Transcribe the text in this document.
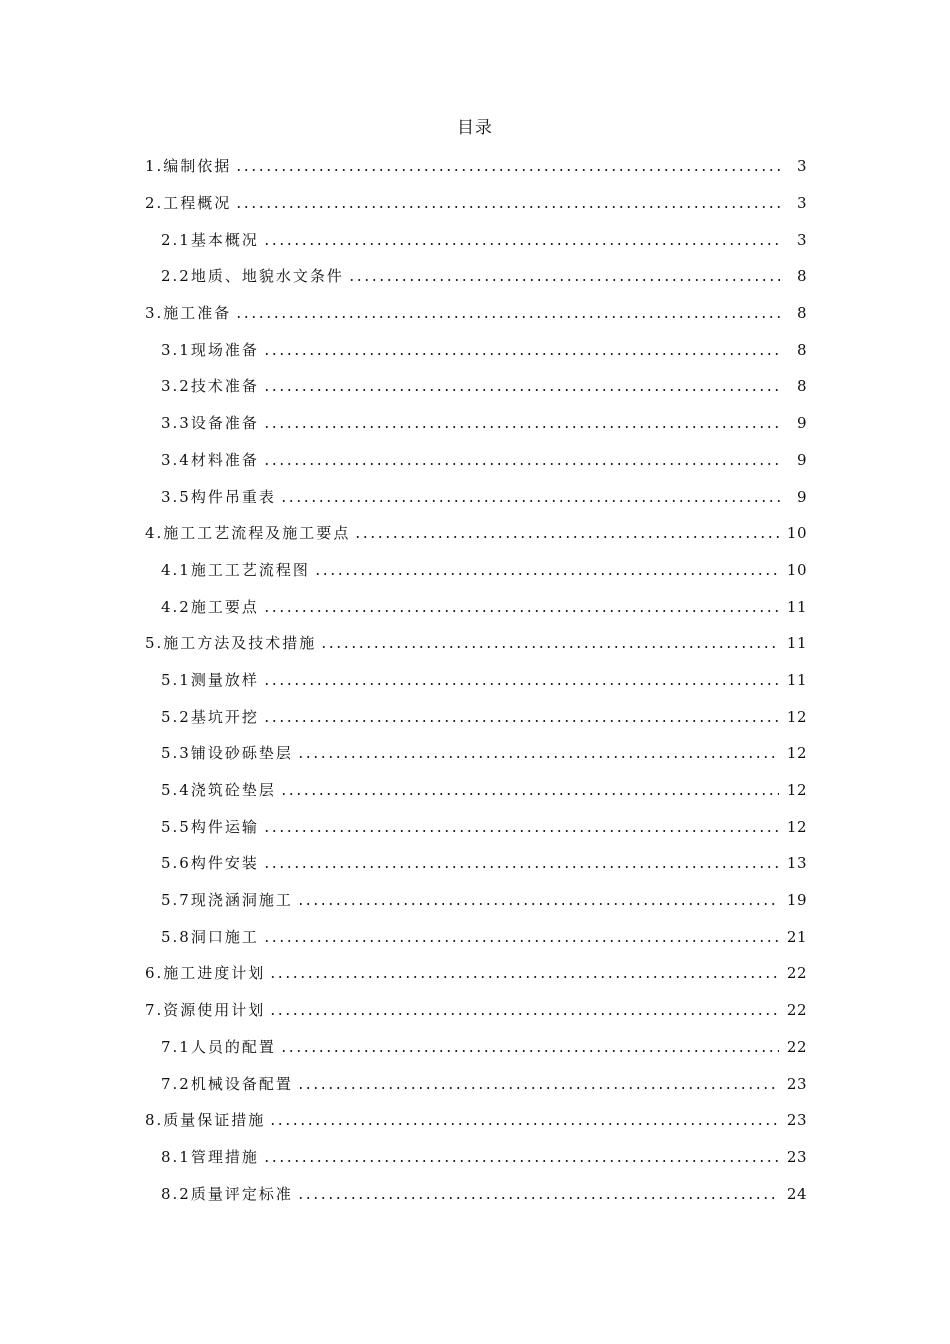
目录
1.编制依据	3
2.工程概况	3
2.1基本概况	3
2.2地质、地貌水文条件	8
3.施工准备	8
3.1现场准备	8
3.2技术准备	8
3.3设备准备	9
3.4材料准备	9
3.5构件吊重表	9
4.施工工艺流程及施工要点	10
4.1施工工艺流程图	10
4.2施工要点	11
5.施工方法及技术措施	11
5.1测量放样	11
5.2基坑开挖	12
5.3铺设砂砾垫层	12
5.4浇筑砼垫层	12
5.5构件运输	12
5.6构件安装	13
5.7现浇涵洞施工	19
5.8洞口施工	21
6.施工进度计划	22
7.资源使用计划	22
7.1人员的配置	22
7.2机械设备配置	23
8.质量保证措施	23
8.1管理措施	23
8.2质量评定标准	24
